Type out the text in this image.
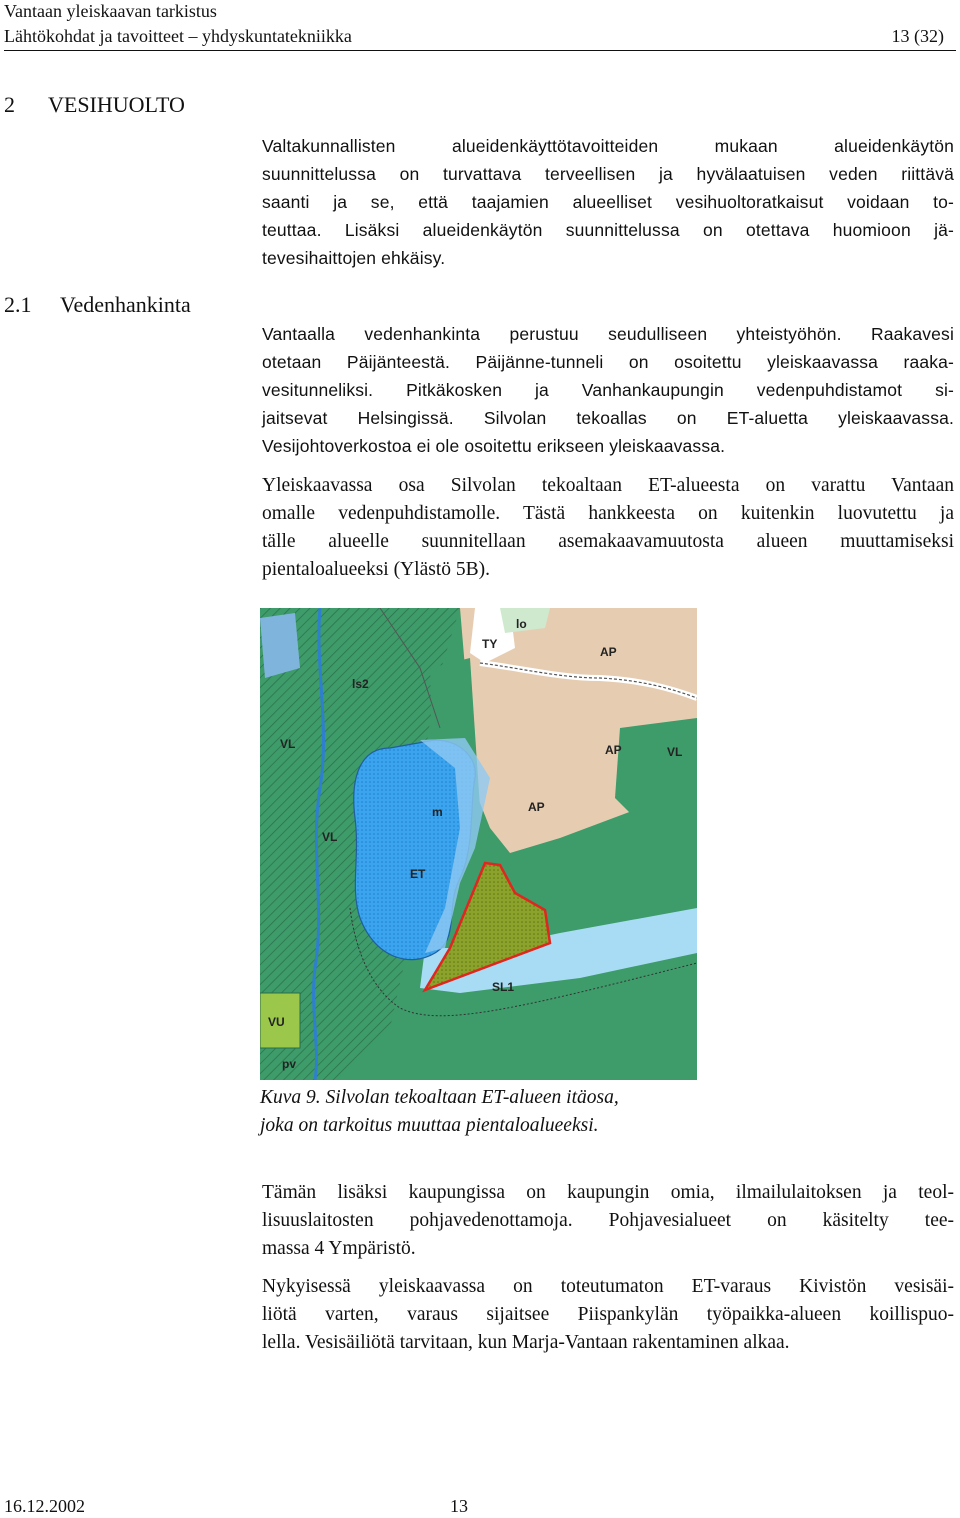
Vantaan yleiskaavan tarkistus
Lähtökohdat ja tavoitteet – yhdyskuntatekniikka	13 (32)
2 VESIHUOLTO
Valtakunnallisten alueidenkäyttötavoitteiden mukaan alueidenkäytön
suunnittelussa on turvattava terveellisen ja hyvälaatuisen veden riittävä
saanti ja se, että taajamien alueelliset vesihuoltoratkaisut voidaan to-
teuttaa. Lisäksi alueidenkäytön suunnittelussa on otettava huomioon jä-
tevesihaittojen ehkäisy.
2.1 Vedenhankinta
Vantaalla vedenhankinta perustuu seudulliseen yhteistyöhön. Raakavesi
otetaan Päijänteestä. Päijänne-tunneli on osoitettu yleiskaavassa raaka-
vesitunneliksi. Pitkäkosken ja Vanhankaupungin vedenpuhdistamot si-
jaitsevat Helsingissä. Silvolan tekoallas on ET-aluetta yleiskaavassa.
Vesijohtoverkostoa ei ole osoitettu erikseen yleiskaavassa.
Yleiskaavassa osa Silvolan tekoaltaan ET-alueesta on varattu Vantaan
omalle vedenpuhdistamolle. Tästä hankkeesta on kuitenkin luovutettu ja
tälle alueelle suunnitellaan asemakaavamuutosta alueen muuttamiseksi
pientaloalueeksi (Ylästö 5B).
TY
AP
AP
AP
VL
VL
VL
ET
m
SL1
VU
lo
ls2
pv
Kuva 9. Silvolan tekoaltaan ET-alueen itäosa,
joka on tarkoitus muuttaa pientaloalueeksi.
Tämän lisäksi kaupungissa on kaupungin omia, ilmailulaitoksen ja teol-
lisuuslaitosten pohjavedenottamoja. Pohjavesialueet on käsitelty tee-
massa 4 Ympäristö.
Nykyisessä yleiskaavassa on toteutumaton ET-varaus Kivistön vesisäi-
liötä varten, varaus sijaitsee Piispankylän työpaikka-alueen koillispuo-
lella. Vesisäiliötä tarvitaan, kun Marja-Vantaan rakentaminen alkaa.
16.12.2002	13
